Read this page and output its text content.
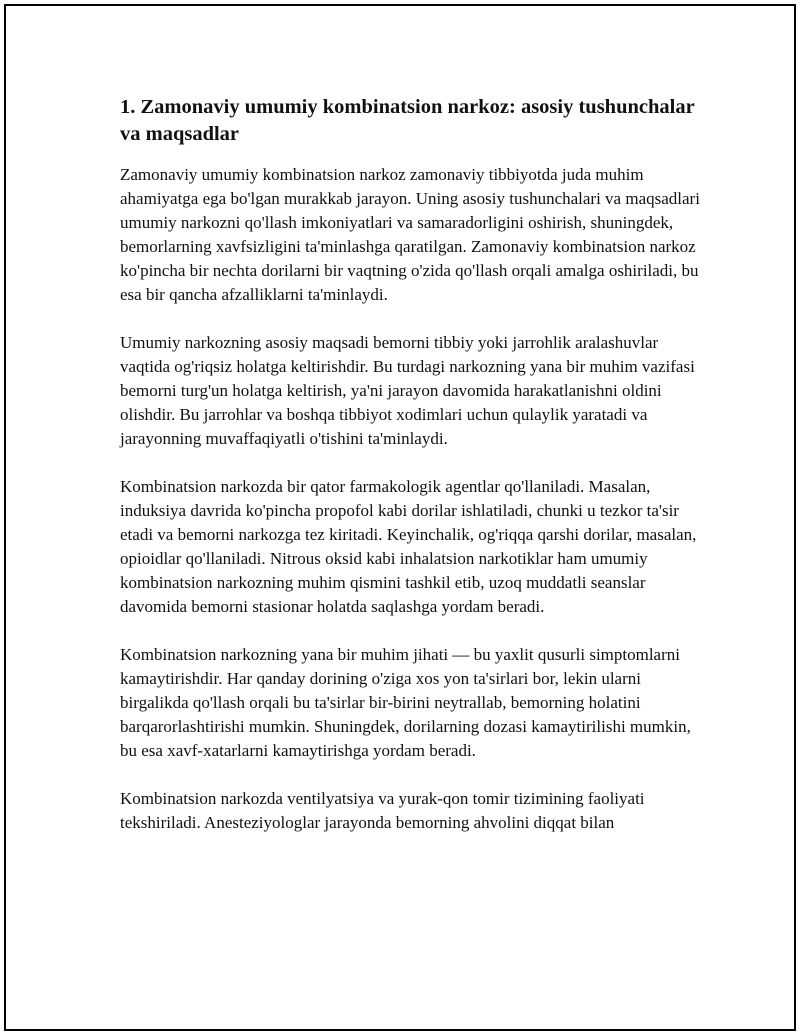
1. Zamonaviy umumiy kombinatsion narkoz: asosiy tushunchalar va maqsadlar

Zamonaviy umumiy kombinatsion narkoz zamonaviy tibbiyotda juda muhim ahamiyatga ega bo'lgan murakkab jarayon. Uning asosiy tushunchalari va maqsadlari umumiy narkozni qo'llash imkoniyatlari va samaradorligini oshirish, shuningdek, bemorlarning xavfsizligini ta'minlashga qaratilgan. Zamonaviy kombinatsion narkoz ko'pincha bir nechta dorilarni bir vaqtning o'zida qo'llash orqali amalga oshiriladi, bu esa bir qancha afzalliklarni ta'minlaydi.

Umumiy narkozning asosiy maqsadi bemorni tibbiy yoki jarrohlik aralashuvlar vaqtida og'riqsiz holatga keltirishdir. Bu turdagi narkozning yana bir muhim vazifasi bemorni turg'un holatga keltirish, ya'ni jarayon davomida harakatlanishni oldini olishdir. Bu jarrohlar va boshqa tibbiyot xodimlari uchun qulaylik yaratadi va jarayonning muvaffaqiyatli o'tishini ta'minlaydi.

Kombinatsion narkozda bir qator farmakologik agentlar qo'llaniladi. Masalan, induksiya davrida ko'pincha propofol kabi dorilar ishlatiladi, chunki u tezkor ta'sir etadi va bemorni narkozga tez kiritadi. Keyinchalik, og'riqqa qarshi dorilar, masalan, opioidlar qo'llaniladi. Nitrous oksid kabi inhalatsion narkotiklar ham umumiy kombinatsion narkozning muhim qismini tashkil etib, uzoq muddatli seanslar davomida bemorni stasionar holatda saqlashga yordam beradi.

Kombinatsion narkozning yana bir muhim jihati — bu yaxlit qusurli simptomlarni kamaytirishdir. Har qanday dorining o'ziga xos yon ta'sirlari bor, lekin ularni birgalikda qo'llash orqali bu ta'sirlar bir-birini neytrallab, bemorning holatini barqarorlashtirishi mumkin. Shuningdek, dorilarning dozasi kamaytirilishi mumkin, bu esa xavf-xatarlarni kamaytirishga yordam beradi.

Kombinatsion narkozda ventilyatsiya va yurak-qon tomir tizimining faoliyati tekshiriladi. Anesteziyologlar jarayonda bemorning ahvolini diqqat bilan
